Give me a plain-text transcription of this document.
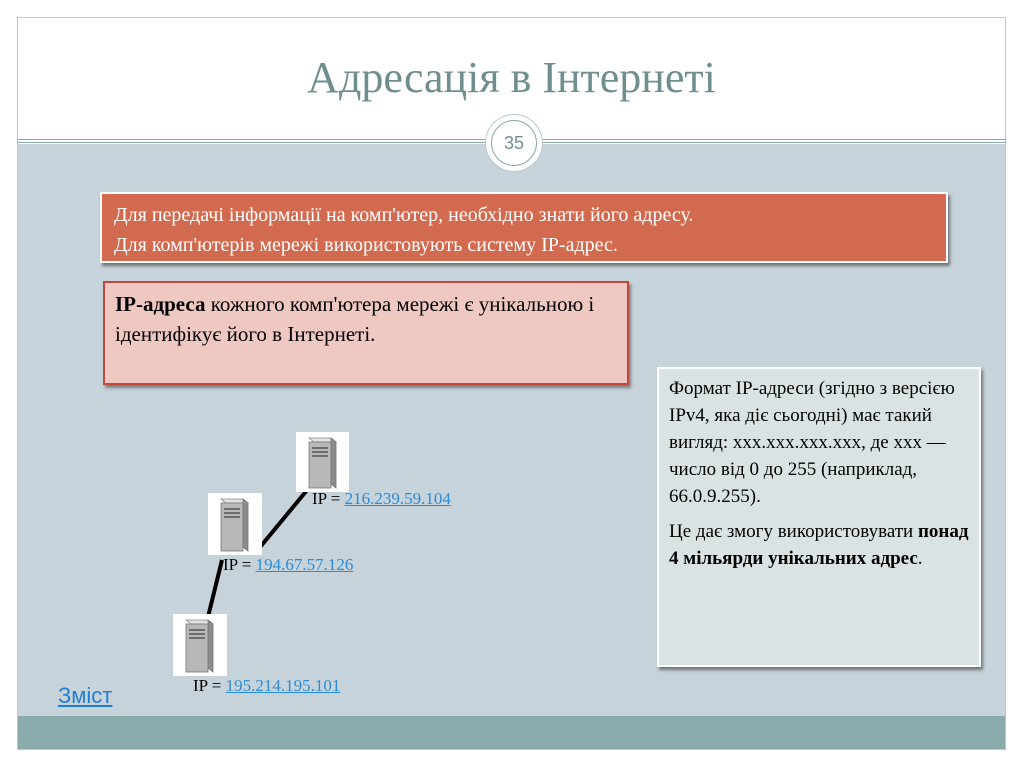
Адресація в Інтернеті
35
Для передачі інформації на комп'ютер, необхідно знати його адресу.
Для комп'ютерів мережі використовують систему IP-адрес.
IP-адреса кожного комп'ютера мережі є унікальною і ідентифікує його в Інтернеті.

Формат IP-адреси (згідно з версією IPv4, яка діє сьогодні) має такий вигляд: xxx.xxx.xxx.xxx, де xxx — число від 0 до 255 (наприклад, 66.0.9.255).

Це дає змогу використовувати понад 4 мільярди унікальних адрес.

IP = 216.239.59.104
IP = 194.67.57.126
IP = 195.214.195.101
Зміст
